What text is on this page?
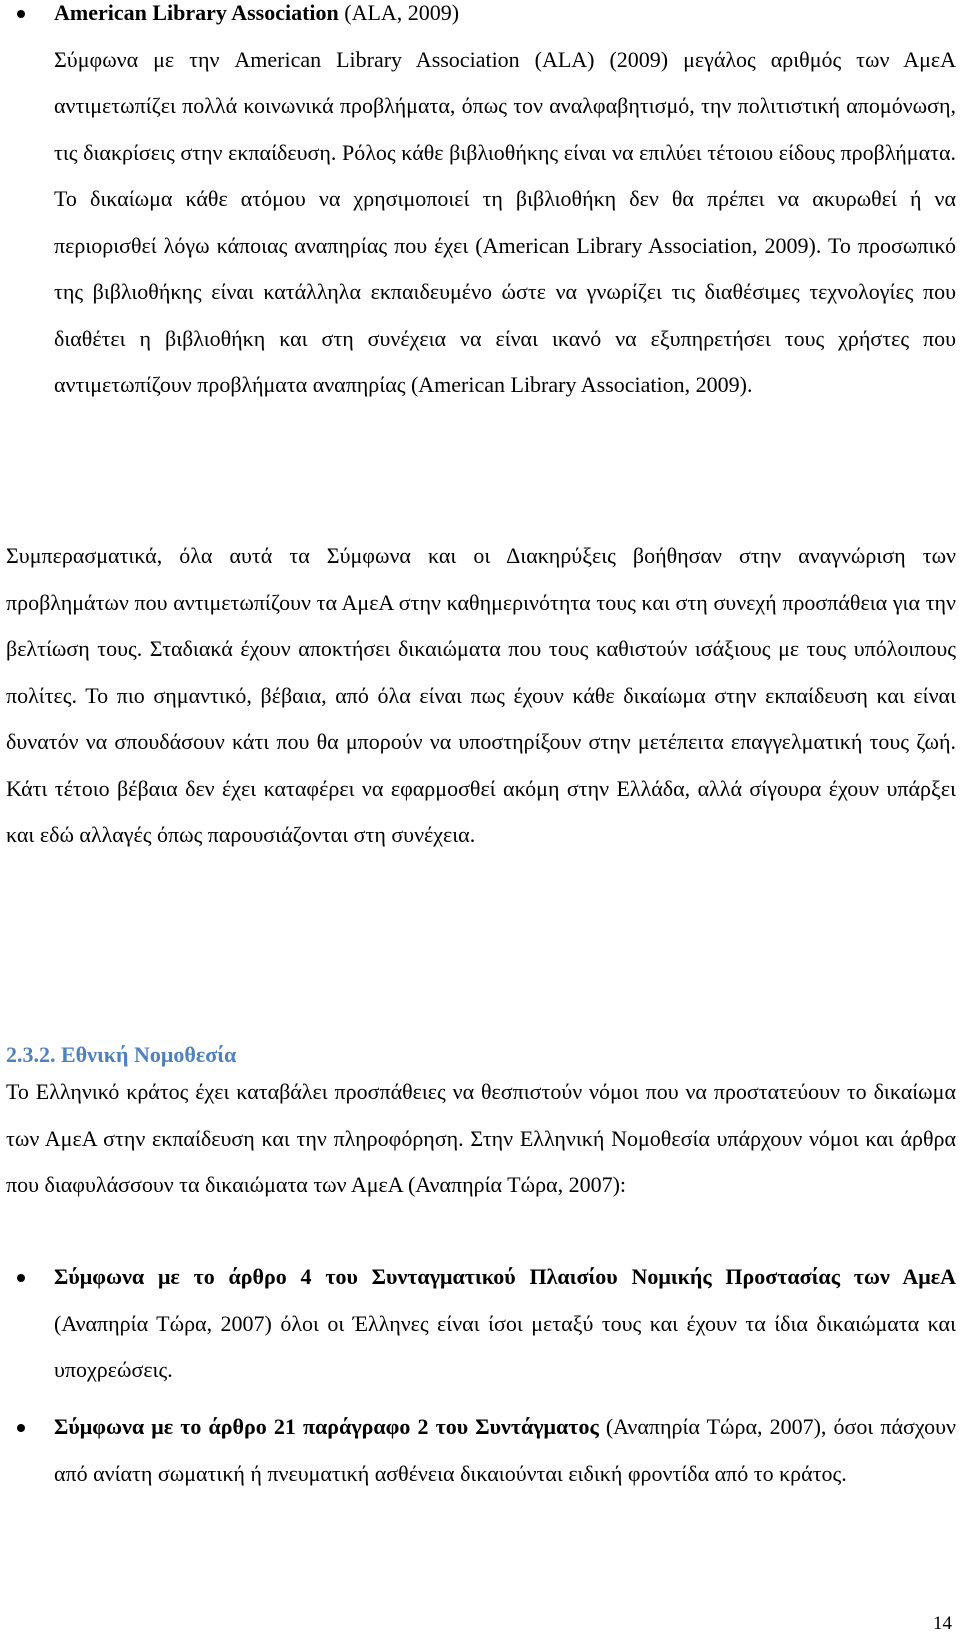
American Library Association (ALA, 2009)
Σύμφωνα με την American Library Association (ALA) (2009) μεγάλος αριθμός των ΑμεΑ αντιμετωπίζει πολλά κοινωνικά προβλήματα, όπως τον αναλφαβητισμό, την πολιτιστική απομόνωση, τις διακρίσεις στην εκπαίδευση. Ρόλος κάθε βιβλιοθήκης είναι να επιλύει τέτοιου είδους προβλήματα. Το δικαίωμα κάθε ατόμου να χρησιμοποιεί τη βιβλιοθήκη δεν θα πρέπει να ακυρωθεί ή να περιορισθεί λόγω κάποιας αναπηρίας που έχει (American Library Association, 2009). Το προσωπικό της βιβλιοθήκης είναι κατάλληλα εκπαιδευμένο ώστε να γνωρίζει τις διαθέσιμες τεχνολογίες που διαθέτει η βιβλιοθήκη και στη συνέχεια να είναι ικανό να εξυπηρετήσει τους χρήστες που αντιμετωπίζουν προβλήματα αναπηρίας (American Library Association, 2009).
Συμπερασματικά, όλα αυτά τα Σύμφωνα και οι Διακηρύξεις βοήθησαν στην αναγνώριση των προβλημάτων που αντιμετωπίζουν τα ΑμεΑ στην καθημερινότητα τους και στη συνεχή προσπάθεια για την βελτίωση τους. Σταδιακά έχουν αποκτήσει δικαιώματα που τους καθιστούν ισάξιους με τους υπόλοιπους πολίτες. Το πιο σημαντικό, βέβαια, από όλα είναι πως έχουν κάθε δικαίωμα στην εκπαίδευση και είναι δυνατόν να σπουδάσουν κάτι που θα μπορούν να υποστηρίξουν στην μετέπειτα επαγγελματική τους ζωή. Κάτι τέτοιο βέβαια δεν έχει καταφέρει να εφαρμοσθεί ακόμη στην Ελλάδα, αλλά σίγουρα έχουν υπάρξει και εδώ αλλαγές όπως παρουσιάζονται στη συνέχεια.
2.3.2. Εθνική Νομοθεσία
Το Ελληνικό κράτος έχει καταβάλει προσπάθειες να θεσπιστούν νόμοι που να προστατεύουν το δικαίωμα των ΑμεΑ στην εκπαίδευση και την πληροφόρηση. Στην Ελληνική Νομοθεσία υπάρχουν νόμοι και άρθρα που διαφυλάσσουν τα δικαιώματα των ΑμεΑ (Αναπηρία Τώρα, 2007):
Σύμφωνα με το άρθρο 4 του Συνταγματικού Πλαισίου Νομικής Προστασίας των ΑμεΑ (Αναπηρία Τώρα, 2007) όλοι οι Έλληνες είναι ίσοι μεταξύ τους και έχουν τα ίδια δικαιώματα και υποχρεώσεις.
Σύμφωνα με το άρθρο 21 παράγραφο 2 του Συντάγματος (Αναπηρία Τώρα, 2007), όσοι πάσχουν από ανίατη σωματική ή πνευματική ασθένεια δικαιούνται ειδική φροντίδα από το κράτος.
14
